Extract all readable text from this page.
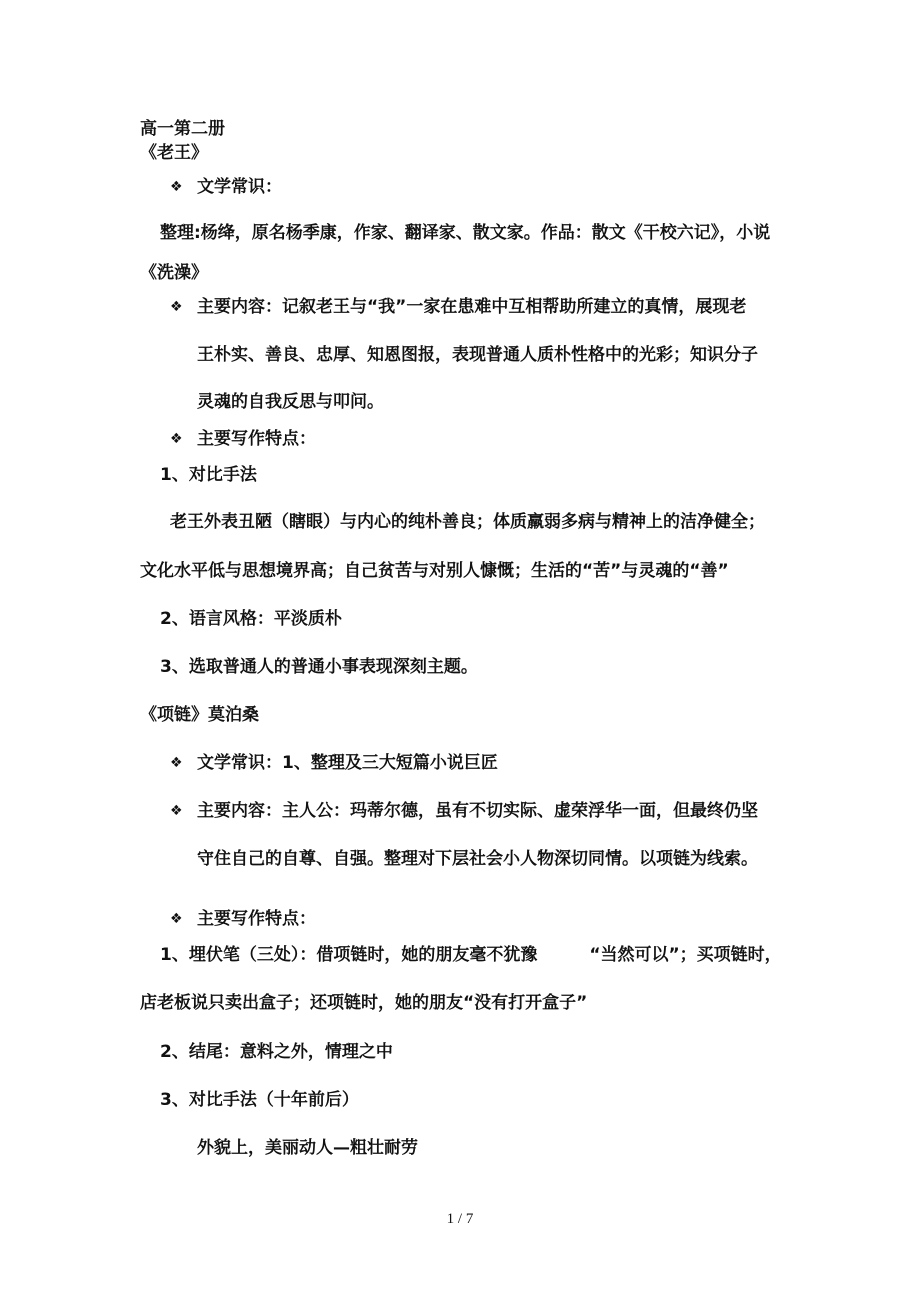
高一第二册
《老王》
❖ 文学常识：
整理:杨绛，原名杨季康，作家、翻译家、散文家。作品：散文《干校六记》，小说
《洗澡》
❖ 主要内容：记叙老王与“我”一家在患难中互相帮助所建立的真情，展现老
王朴实、善良、忠厚、知恩图报，表现普通人质朴性格中的光彩；知识分子
灵魂的自我反思与叩问。
❖ 主要写作特点：
1、对比手法
老王外表丑陋（瞎眼）与内心的纯朴善良；体质羸弱多病与精神上的洁净健全；
文化水平低与思想境界高；自己贫苦与对别人慷慨；生活的“苦”与灵魂的“善”
2、语言风格：平淡质朴
3、选取普通人的普通小事表现深刻主题。
《项链》莫泊桑
❖ 文学常识：1、整理及三大短篇小说巨匠
❖ 主要内容：主人公：玛蒂尔德，虽有不切实际、虚荣浮华一面，但最终仍坚
守住自己的自尊、自强。整理对下层社会小人物深切同情。以项链为线索。
❖ 主要写作特点：
1、埋伏笔（三处）：借项链时，她的朋友毫不犹豫	“当然可以”；买项链时，
店老板说只卖出盒子；还项链时，她的朋友“没有打开盒子”
2、结尾：意料之外，情理之中
3、对比手法（十年前后）
外貌上，美丽动人—粗壮耐劳
1 / 7
